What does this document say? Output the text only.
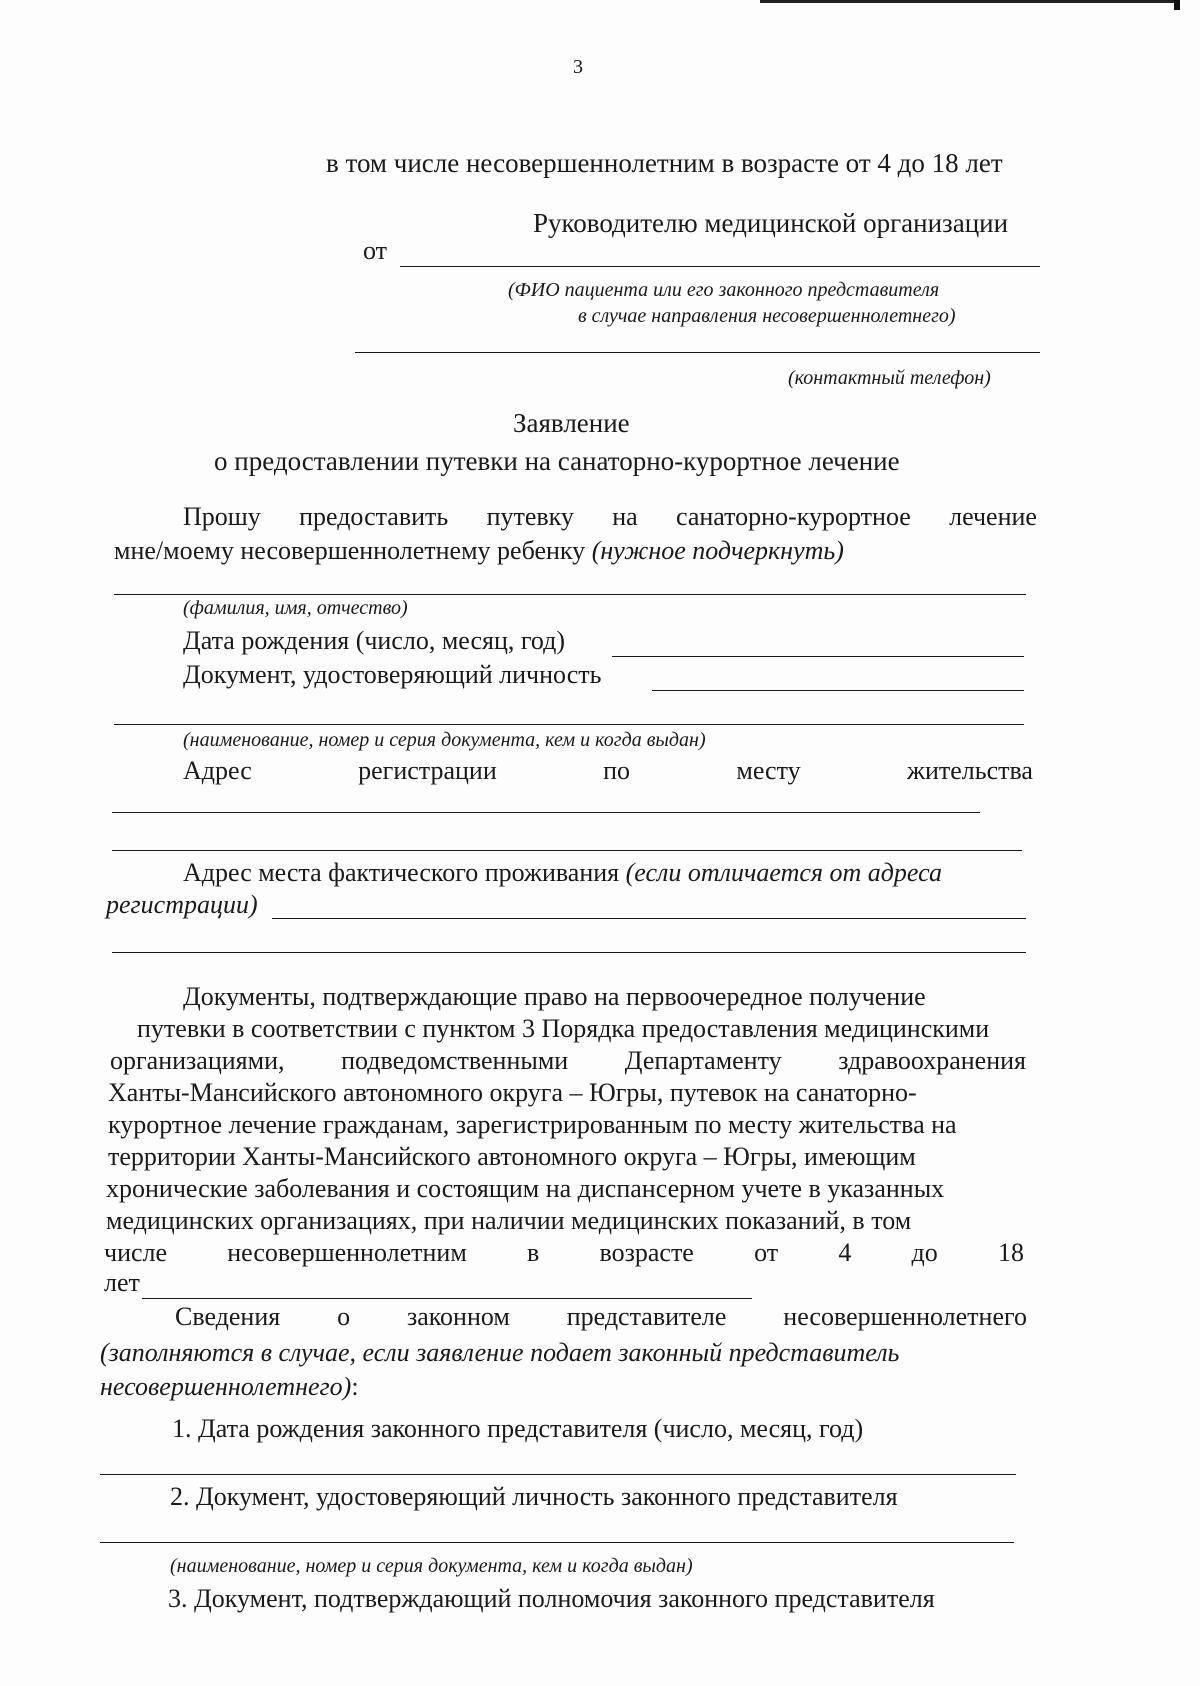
3
в том числе несовершеннолетним в возрасте от 4 до 18 лет
Руководителю медицинской организации
от
(ФИО пациента или его законного представителя
в случае направления несовершеннолетнего)
(контактный телефон)
Заявление
о предоставлении путевки на санаторно-курортное лечение
Прошу предоставить путевку на санаторно-курортное лечение
мне/моему несовершеннолетнему ребенку (нужное подчеркнуть)
(фамилия, имя, отчество)
Дата рождения (число, месяц, год)
Документ, удостоверяющий личность
(наименование, номер и серия документа, кем и когда выдан)
Адрес	регистрации	по	месту	жительства
Адрес места фактического проживания (если отличается от адреса
регистрации)
Документы, подтверждающие право на первоочередное получение
путевки в соответствии с пунктом 3 Порядка предоставления медицинскими
организациями, подведомственными Департаменту здравоохранения
Ханты-Мансийского автономного округа – Югры, путевок на санаторно-
курортное лечение гражданам, зарегистрированным по месту жительства на
территории Ханты-Мансийского автономного округа – Югры, имеющим
хронические заболевания и состоящим на диспансерном учете в указанных
медицинских организациях, при наличии медицинских показаний, в том
числе несовершеннолетним в возрасте от 4 до 18
лет
Сведения о законном представителе несовершеннолетнего
(заполняются в случае, если заявление подает законный представитель
несовершеннолетнего):
1. Дата рождения законного представителя (число, месяц, год)
2. Документ, удостоверяющий личность законного представителя
(наименование, номер и серия документа, кем и когда выдан)
3. Документ, подтверждающий полномочия законного представителя
